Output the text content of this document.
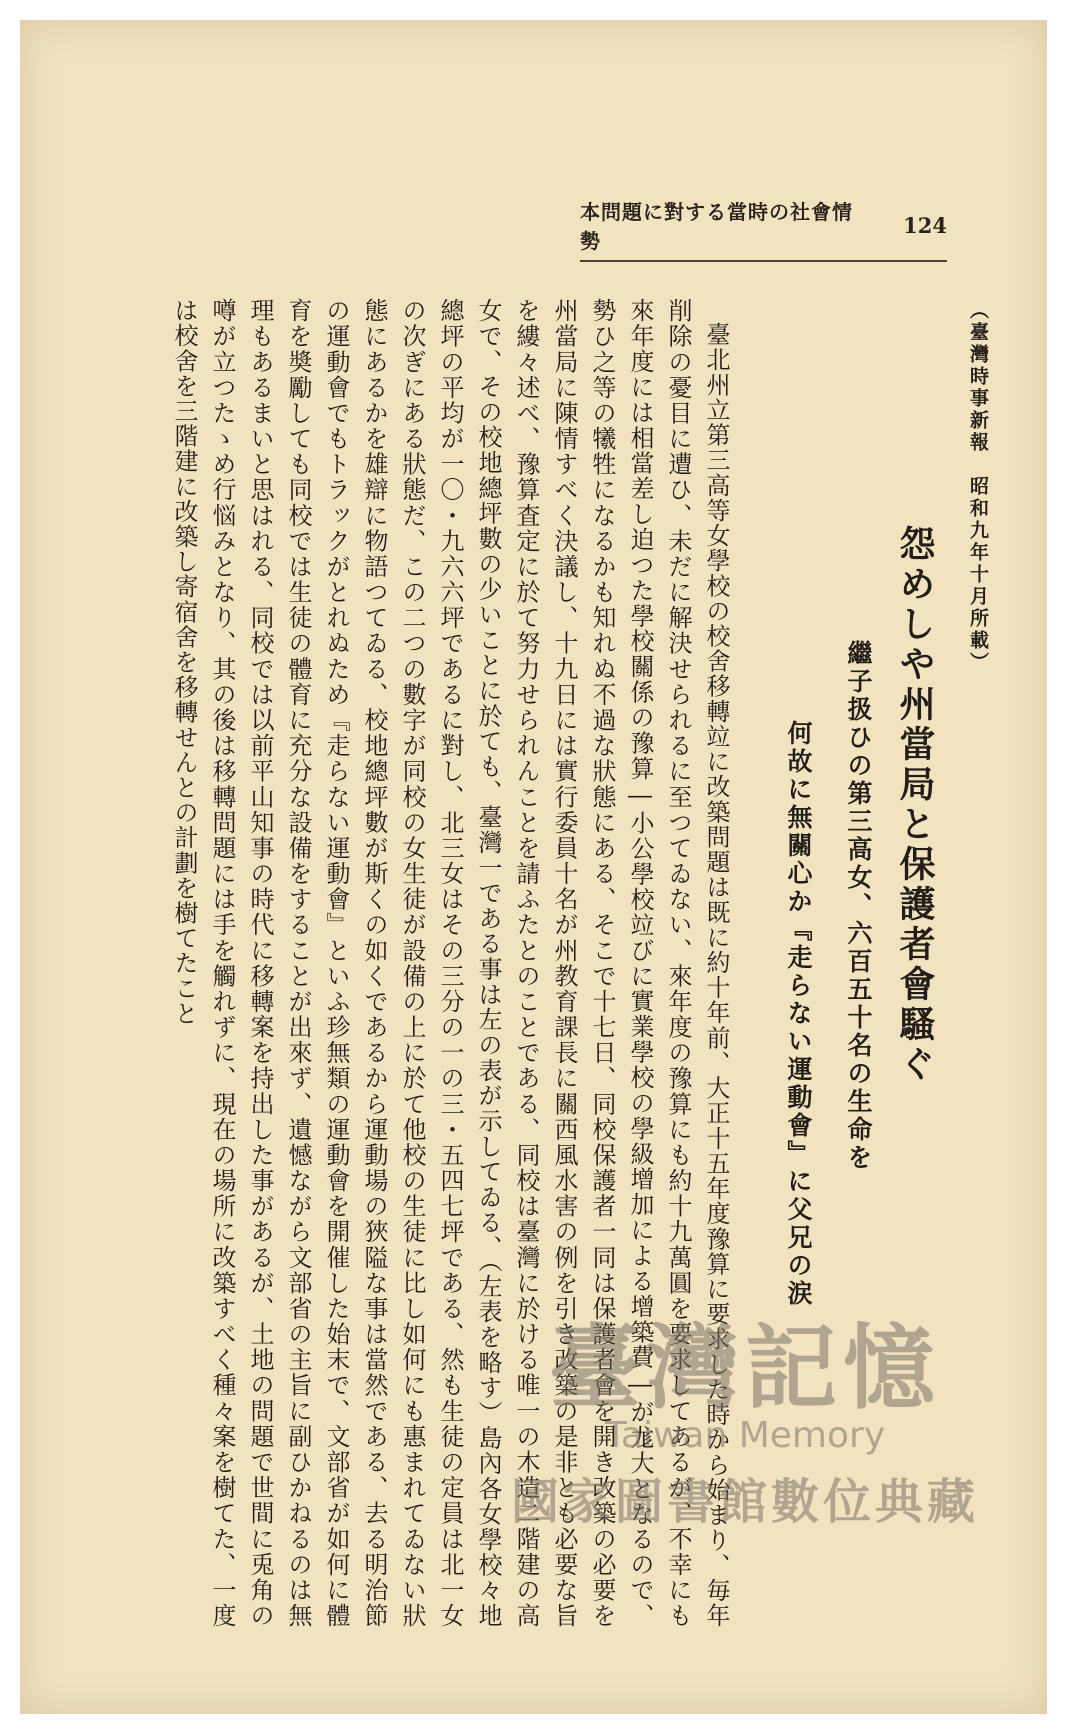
本問題に對する當時の社會情勢
124
（臺灣時事新報　昭和九年十月所載）
怨めしや州當局と保護者會騷ぐ
繼子扱ひの第三高女、六百五十名の生命を
何故に無關心か『走らない運動會』に父兄の涙

臺北州立第三高等女學校の校舍移轉竝に改築問題は既に約十年前、大正十五年度豫算に要求した時から始まり、毎年削除の憂目に遭ひ、未だに解決せられるに至つてゐない、來年度の豫算にも約十九萬圓を要求してあるが、不幸にも來年度には相當差し迫つた學校關係の豫算―小公學校竝びに實業學校の學級增加による增築費―が尨大となるので、勢ひ之等の犧牲になるかも知れぬ不過な狀態にある、そこで十七日、同校保護者一同は保護者會を開き改築の必要を州當局に陳情すべく決議し、十九日には實行委員十名が州教育課長に關西風水害の例を引き改築の是非とも必要な旨を縷々述べ、豫算査定に於て努力せられんことを請ふたとのことである、同校は臺灣に於ける唯一の木造二階建の高女で、その校地總坪數の少いことに於ても、臺灣一である事は左の表が示してゐる、（左表を略す）島內各女學校々地總坪の平均が一〇・九六六坪であるに對し、北三女はその三分の一の三・五四七坪である、然も生徒の定員は北一女の次ぎにある狀態だ、この二つの數字が同校の女生徒が設備の上に於て他校の生徒に比し如何にも惠まれてゐない狀態にあるかを雄辯に物語つてゐる、校地總坪數が斯くの如くであるから運動場の狹隘な事は當然である、去る明治節の運動會でもトラックがとれぬため『走らない運動會』といふ珍無類の運動會を開催した始末で、文部省が如何に體育を奬勵しても同校では生徒の體育に充分な設備をすることが出來ず、遺憾ながら文部省の主旨に副ひかねるのは無理もあるまいと思はれる、同校では以前平山知事の時代に移轉案を持出した事があるが、土地の問題で世間に兎角の噂が立つたゝめ行悩みとなり、其の後は移轉問題には手を觸れずに、現在の場所に改築すべく種々案を樹てた、一度は校舍を三階建に改築し寄宿舍を移轉せんとの計劃を樹てたこと

臺灣記憶
Taiwan Memory
國家圖書館數位典藏
